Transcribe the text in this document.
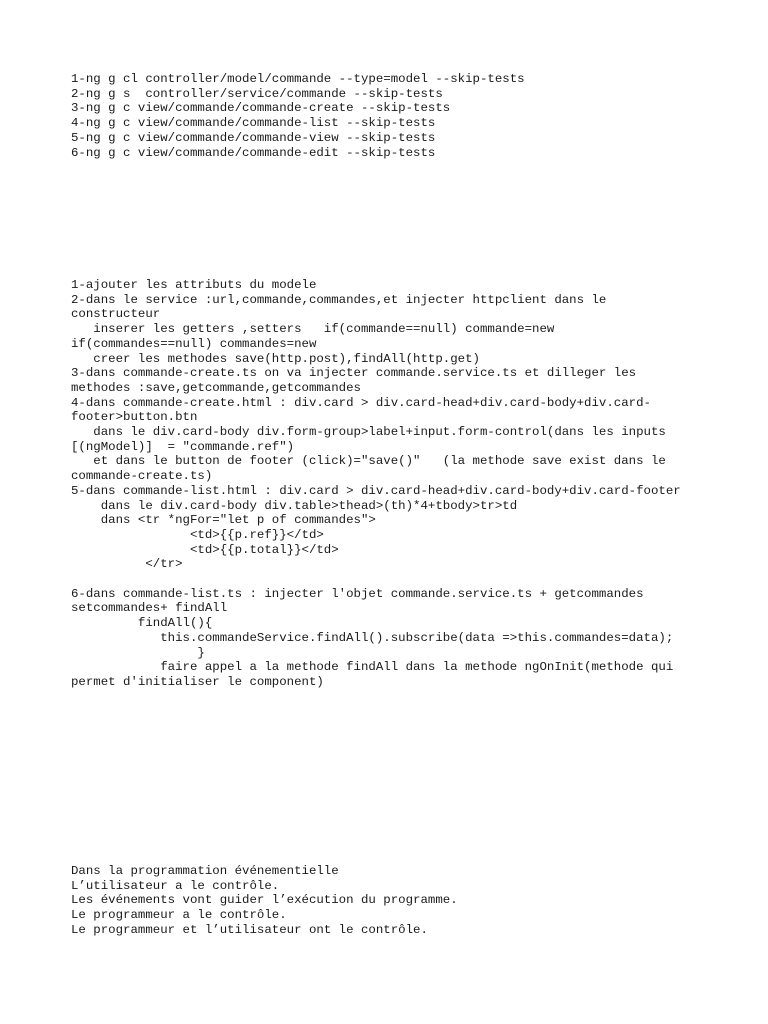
1-ng g cl controller/model/commande --type=model --skip-tests
2-ng g s  controller/service/commande --skip-tests
3-ng g c view/commande/commande-create --skip-tests
4-ng g c view/commande/commande-list --skip-tests
5-ng g c view/commande/commande-view --skip-tests
6-ng g c view/commande/commande-edit --skip-tests
1-ajouter les attributs du modele
2-dans le service :url,commande,commandes,et injecter httpclient dans le
constructeur
inserer les getters ,setters   if(commande==null) commande=new
if(commandes==null) commandes=new
creer les methodes save(http.post),findAll(http.get)
3-dans commande-create.ts on va injecter commande.service.ts et dilleger les
methodes :save,getcommande,getcommandes
4-dans commande-create.html : div.card > div.card-head+div.card-body+div.card-
footer>button.btn
dans le div.card-body div.form-group>label+input.form-control(dans les inputs
[(ngModel)]  = "commande.ref")
et dans le button de footer (click)="save()"   (la methode save exist dans le
commande-create.ts)
5-dans commande-list.html : div.card > div.card-head+div.card-body+div.card-footer
dans le div.card-body div.table>thead>(th)*4+tbody>tr>td
dans <tr *ngFor="let p of commandes">
<td>{{p.ref}}</td>
<td>{{p.total}}</td>
</tr>
6-dans commande-list.ts : injecter l'objet commande.service.ts + getcommandes
setcommandes+ findAll
findAll(){
this.commandeService.findAll().subscribe(data =>this.commandes=data);
}
faire appel a la methode findAll dans la methode ngOnInit(methode qui
permet d'initialiser le component)
Dans la programmation événementielle
L’utilisateur a le contrôle.
Les événements vont guider l’exécution du programme.
Le programmeur a le contrôle.
Le programmeur et l’utilisateur ont le contrôle.
